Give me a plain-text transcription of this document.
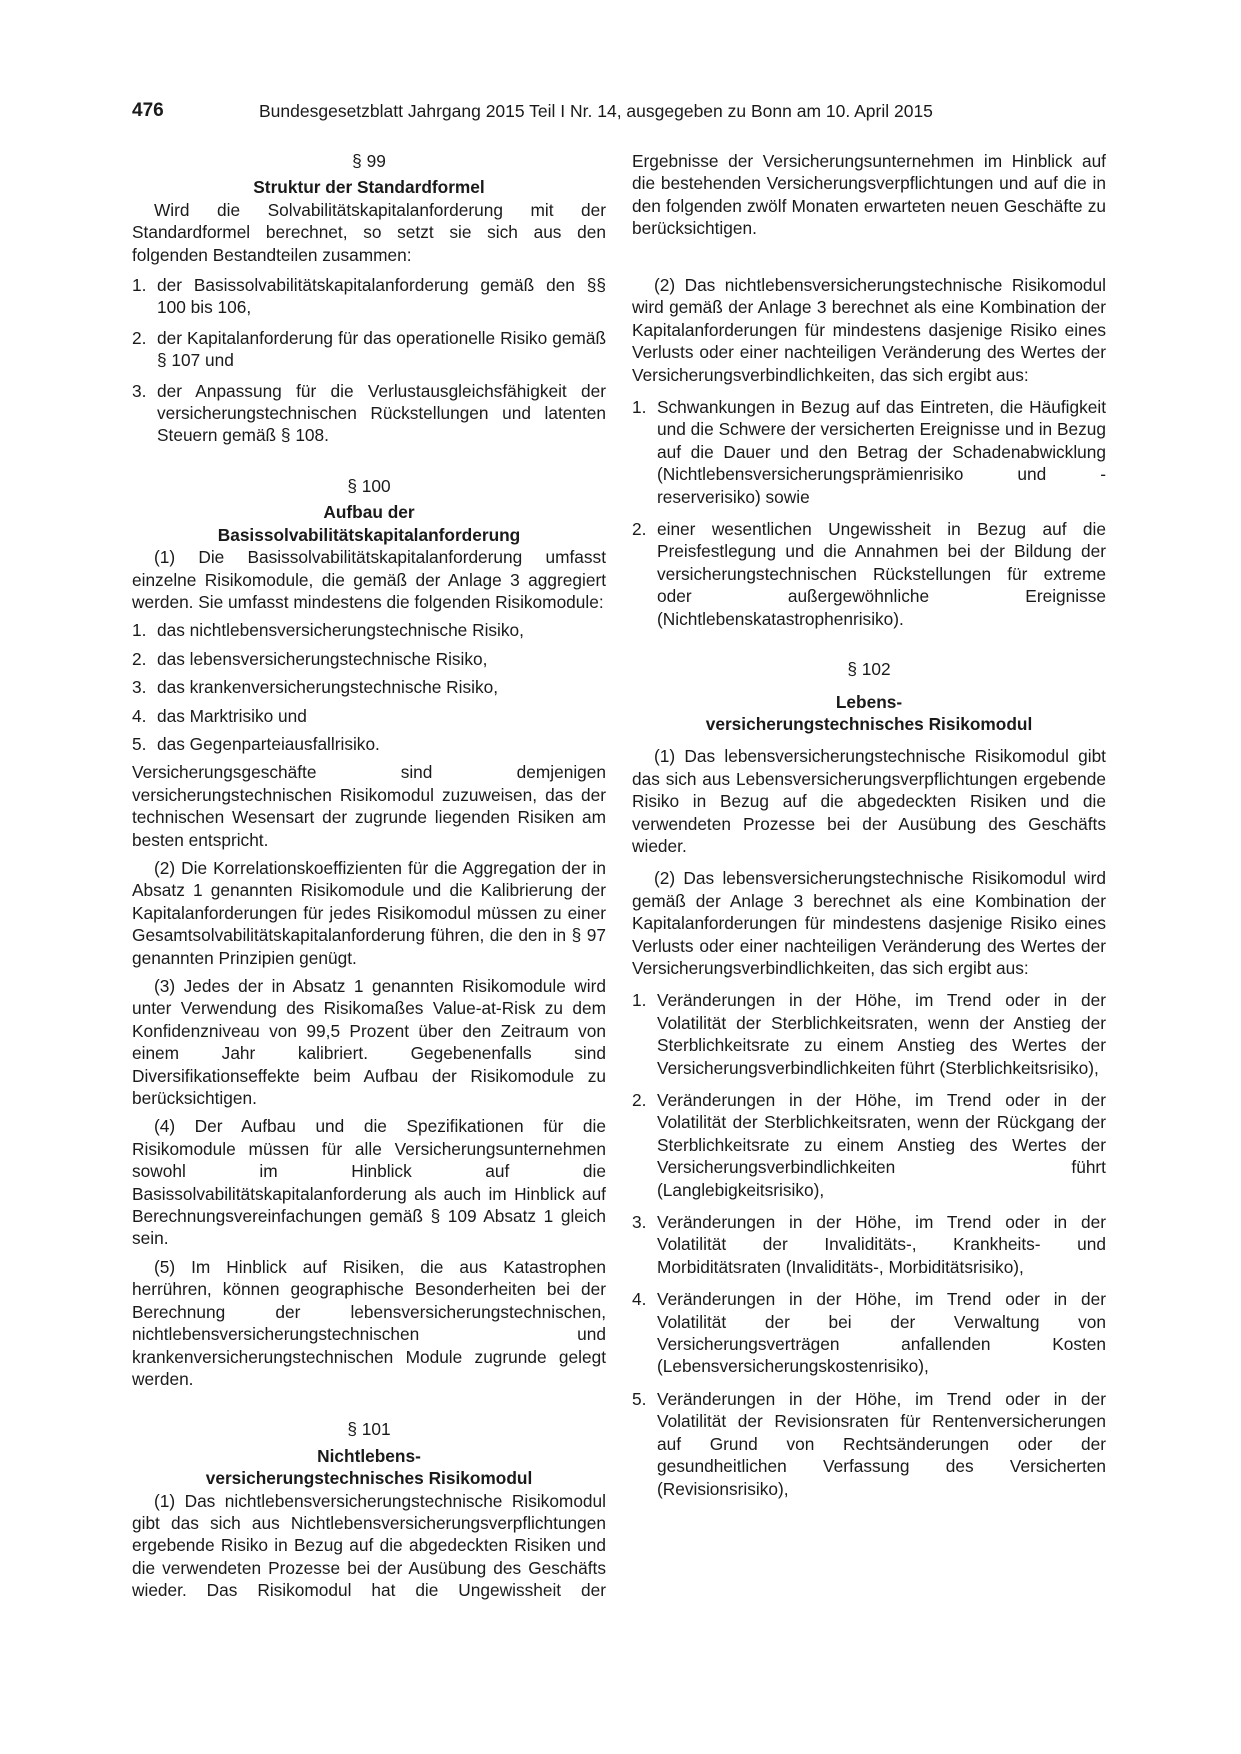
476	Bundesgesetzblatt Jahrgang 2015 Teil I Nr. 14, ausgegeben zu Bonn am 10. April 2015

§ 99

Struktur der Standardformel

Wird die Solvabilitätskapitalanforderung mit der Standardformel berechnet, so setzt sie sich aus den folgenden Bestandteilen zusammen:

1. der Basissolvabilitätskapitalanforderung gemäß den §§ 100 bis 106,
2. der Kapitalanforderung für das operationelle Risiko gemäß § 107 und
3. der Anpassung für die Verlustausgleichsfähigkeit der versicherungstechnischen Rückstellungen und latenten Steuern gemäß § 108.

§ 100

Aufbau der
Basissolvabilitätskapitalanforderung

(1) Die Basissolvabilitätskapitalanforderung umfasst einzelne Risikomodule, die gemäß der Anlage 3 aggregiert werden. Sie umfasst mindestens die folgenden Risikomodule:

1. das nichtlebensversicherungstechnische Risiko,
2. das lebensversicherungstechnische Risiko,
3. das krankenversicherungstechnische Risiko,
4. das Marktrisiko und
5. das Gegenparteiausfallrisiko.

Versicherungsgeschäfte sind demjenigen versicherungstechnischen Risikomodul zuzuweisen, das der technischen Wesensart der zugrunde liegenden Risiken am besten entspricht.

(2) Die Korrelationskoeffizienten für die Aggregation der in Absatz 1 genannten Risikomodule und die Kalibrierung der Kapitalanforderungen für jedes Risikomodul müssen zu einer Gesamtsolvabilitätskapitalanforderung führen, die den in § 97 genannten Prinzipien genügt.

(3) Jedes der in Absatz 1 genannten Risikomodule wird unter Verwendung des Risikomaßes Value-at-Risk zu dem Konfidenzniveau von 99,5 Prozent über den Zeitraum von einem Jahr kalibriert. Gegebenenfalls sind Diversifikationseffekte beim Aufbau der Risikomodule zu berücksichtigen.

(4) Der Aufbau und die Spezifikationen für die Risikomodule müssen für alle Versicherungsunternehmen sowohl im Hinblick auf die Basissolvabilitätskapitalanforderung als auch im Hinblick auf Berechnungsvereinfachungen gemäß § 109 Absatz 1 gleich sein.

(5) Im Hinblick auf Risiken, die aus Katastrophen herrühren, können geographische Besonderheiten bei der Berechnung der lebensversicherungstechnischen, nichtlebensversicherungstechnischen und krankenversicherungstechnischen Module zugrunde gelegt werden.

§ 101

Nichtlebens-
versicherungstechnisches Risikomodul

(1) Das nichtlebensversicherungstechnische Risikomodul gibt das sich aus Nichtlebensversicherungsverpflichtungen ergebende Risiko in Bezug auf die abgedeckten Risiken und die verwendeten Prozesse bei der Ausübung des Geschäfts wieder. Das Risikomodul hat die Ungewissheit der

Ergebnisse der Versicherungsunternehmen im Hinblick auf die bestehenden Versicherungsverpflichtungen und auf die in den folgenden zwölf Monaten erwarteten neuen Geschäfte zu berücksichtigen.

(2) Das nichtlebensversicherungstechnische Risikomodul wird gemäß der Anlage 3 berechnet als eine Kombination der Kapitalanforderungen für mindestens dasjenige Risiko eines Verlusts oder einer nachteiligen Veränderung des Wertes der Versicherungsverbindlichkeiten, das sich ergibt aus:

1. Schwankungen in Bezug auf das Eintreten, die Häufigkeit und die Schwere der versicherten Ereignisse und in Bezug auf die Dauer und den Betrag der Schadenabwicklung (Nichtlebensversicherungsprämienrisiko und -reserverisiko) sowie
2. einer wesentlichen Ungewissheit in Bezug auf die Preisfestlegung und die Annahmen bei der Bildung der versicherungstechnischen Rückstellungen für extreme oder außergewöhnliche Ereignisse (Nichtlebenskatastrophenrisiko).

§ 102

Lebens-
versicherungstechnisches Risikomodul

(1) Das lebensversicherungstechnische Risikomodul gibt das sich aus Lebensversicherungsverpflichtungen ergebende Risiko in Bezug auf die abgedeckten Risiken und die verwendeten Prozesse bei der Ausübung des Geschäfts wieder.

(2) Das lebensversicherungstechnische Risikomodul wird gemäß der Anlage 3 berechnet als eine Kombination der Kapitalanforderungen für mindestens dasjenige Risiko eines Verlusts oder einer nachteiligen Veränderung des Wertes der Versicherungsverbindlichkeiten, das sich ergibt aus:

1. Veränderungen in der Höhe, im Trend oder in der Volatilität der Sterblichkeitsraten, wenn der Anstieg der Sterblichkeitsrate zu einem Anstieg des Wertes der Versicherungsverbindlichkeiten führt (Sterblichkeitsrisiko),
2. Veränderungen in der Höhe, im Trend oder in der Volatilität der Sterblichkeitsraten, wenn der Rückgang der Sterblichkeitsrate zu einem Anstieg des Wertes der Versicherungsverbindlichkeiten führt (Langlebigkeitsrisiko),
3. Veränderungen in der Höhe, im Trend oder in der Volatilität der Invaliditäts-, Krankheits- und Morbiditätsraten (Invaliditäts-, Morbiditätsrisiko),
4. Veränderungen in der Höhe, im Trend oder in der Volatilität der bei der Verwaltung von Versicherungsverträgen anfallenden Kosten (Lebensversicherungskostenrisiko),
5. Veränderungen in der Höhe, im Trend oder in der Volatilität der Revisionsraten für Rentenversicherungen auf Grund von Rechtsänderungen oder der gesundheitlichen Verfassung des Versicherten (Revisionsrisiko),
